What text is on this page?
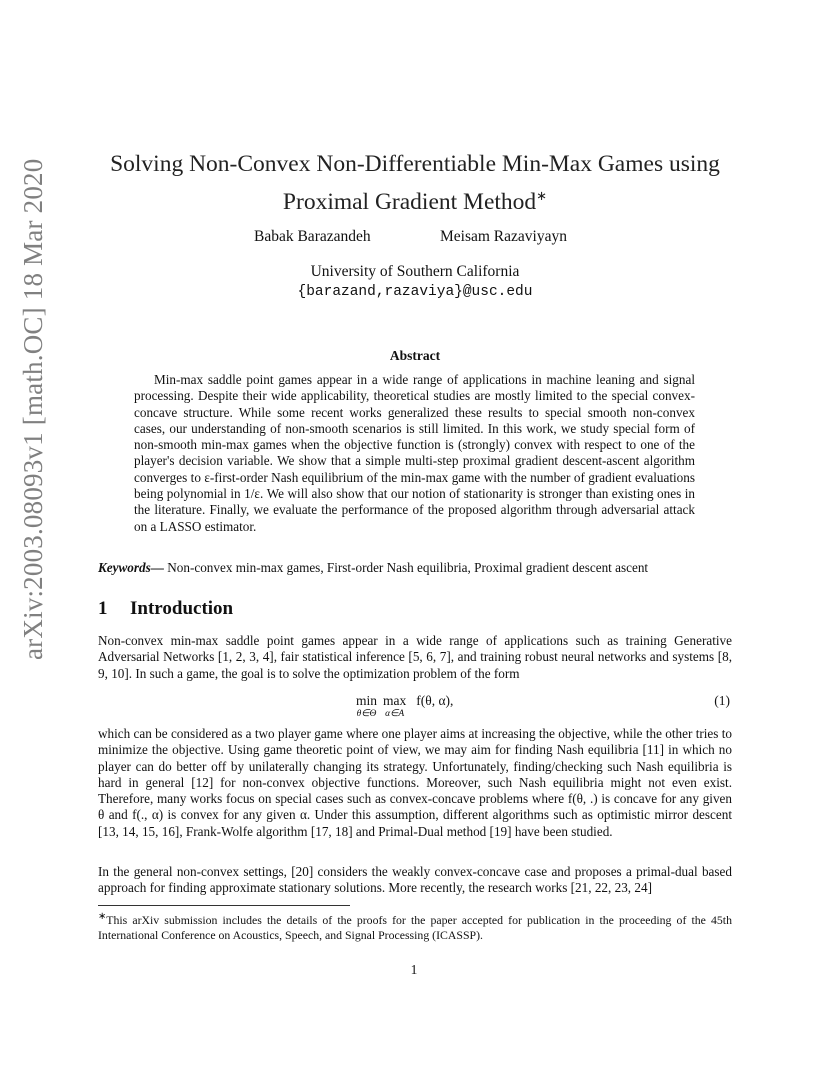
arXiv:2003.08093v1 [math.OC] 18 Mar 2020	Solving Non-Convex Non-Differentiable Min-Max Games using
Proximal Gradient Method∗
Babak Barazandeh	Meisam Razaviyayn
University of Southern California
{barazand,razaviya}@usc.edu
Abstract
Min-max saddle point games appear in a wide range of applications in machine leaning and signal processing. Despite their wide applicability, theoretical studies are mostly limited to the special convex-concave structure. While some recent works generalized these results to special smooth non-convex cases, our understanding of non-smooth scenarios is still limited. In this work, we study special form of non-smooth min-max games when the objective function is (strongly) convex with respect to one of the player's decision variable. We show that a simple multi-step proximal gradient descent-ascent algorithm converges to ε-first-order Nash equilibrium of the min-max game with the number of gradient evaluations being polynomial in 1/ε. We will also show that our notion of stationarity is stronger than existing ones in the literature. Finally, we evaluate the performance of the proposed algorithm through adversarial attack on a LASSO estimator.
Keywords— Non-convex min-max games, First-order Nash equilibria, Proximal gradient descent ascent
1 Introduction
Non-convex min-max saddle point games appear in a wide range of applications such as training Generative Adversarial Networks [1, 2, 3, 4], fair statistical inference [5, 6, 7], and training robust neural networks and systems [8, 9, 10]. In such a game, the goal is to solve the optimization problem of the form
min
θ∈Θ
max
α∈A
f(θ, α),	(1)
which can be considered as a two player game where one player aims at increasing the objective, while the other tries to minimize the objective. Using game theoretic point of view, we may aim for finding Nash equilibria [11] in which no player can do better off by unilaterally changing its strategy. Unfortunately, finding/checking such Nash equilibria is hard in general [12] for non-convex objective functions. Moreover, such Nash equilibria might not even exist. Therefore, many works focus on special cases such as convex-concave problems where f(θ, .) is concave for any given θ and f(., α) is convex for any given α. Under this assumption, different algorithms such as optimistic mirror descent [13, 14, 15, 16], Frank-Wolfe algorithm [17, 18] and Primal-Dual method [19] have been studied.
In the general non-convex settings, [20] considers the weakly convex-concave case and proposes a primal-dual based approach for finding approximate stationary solutions. More recently, the research works [21, 22, 23, 24]
∗This arXiv submission includes the details of the proofs for the paper accepted for publication in the proceeding of the 45th International Conference on Acoustics, Speech, and Signal Processing (ICASSP).
1
